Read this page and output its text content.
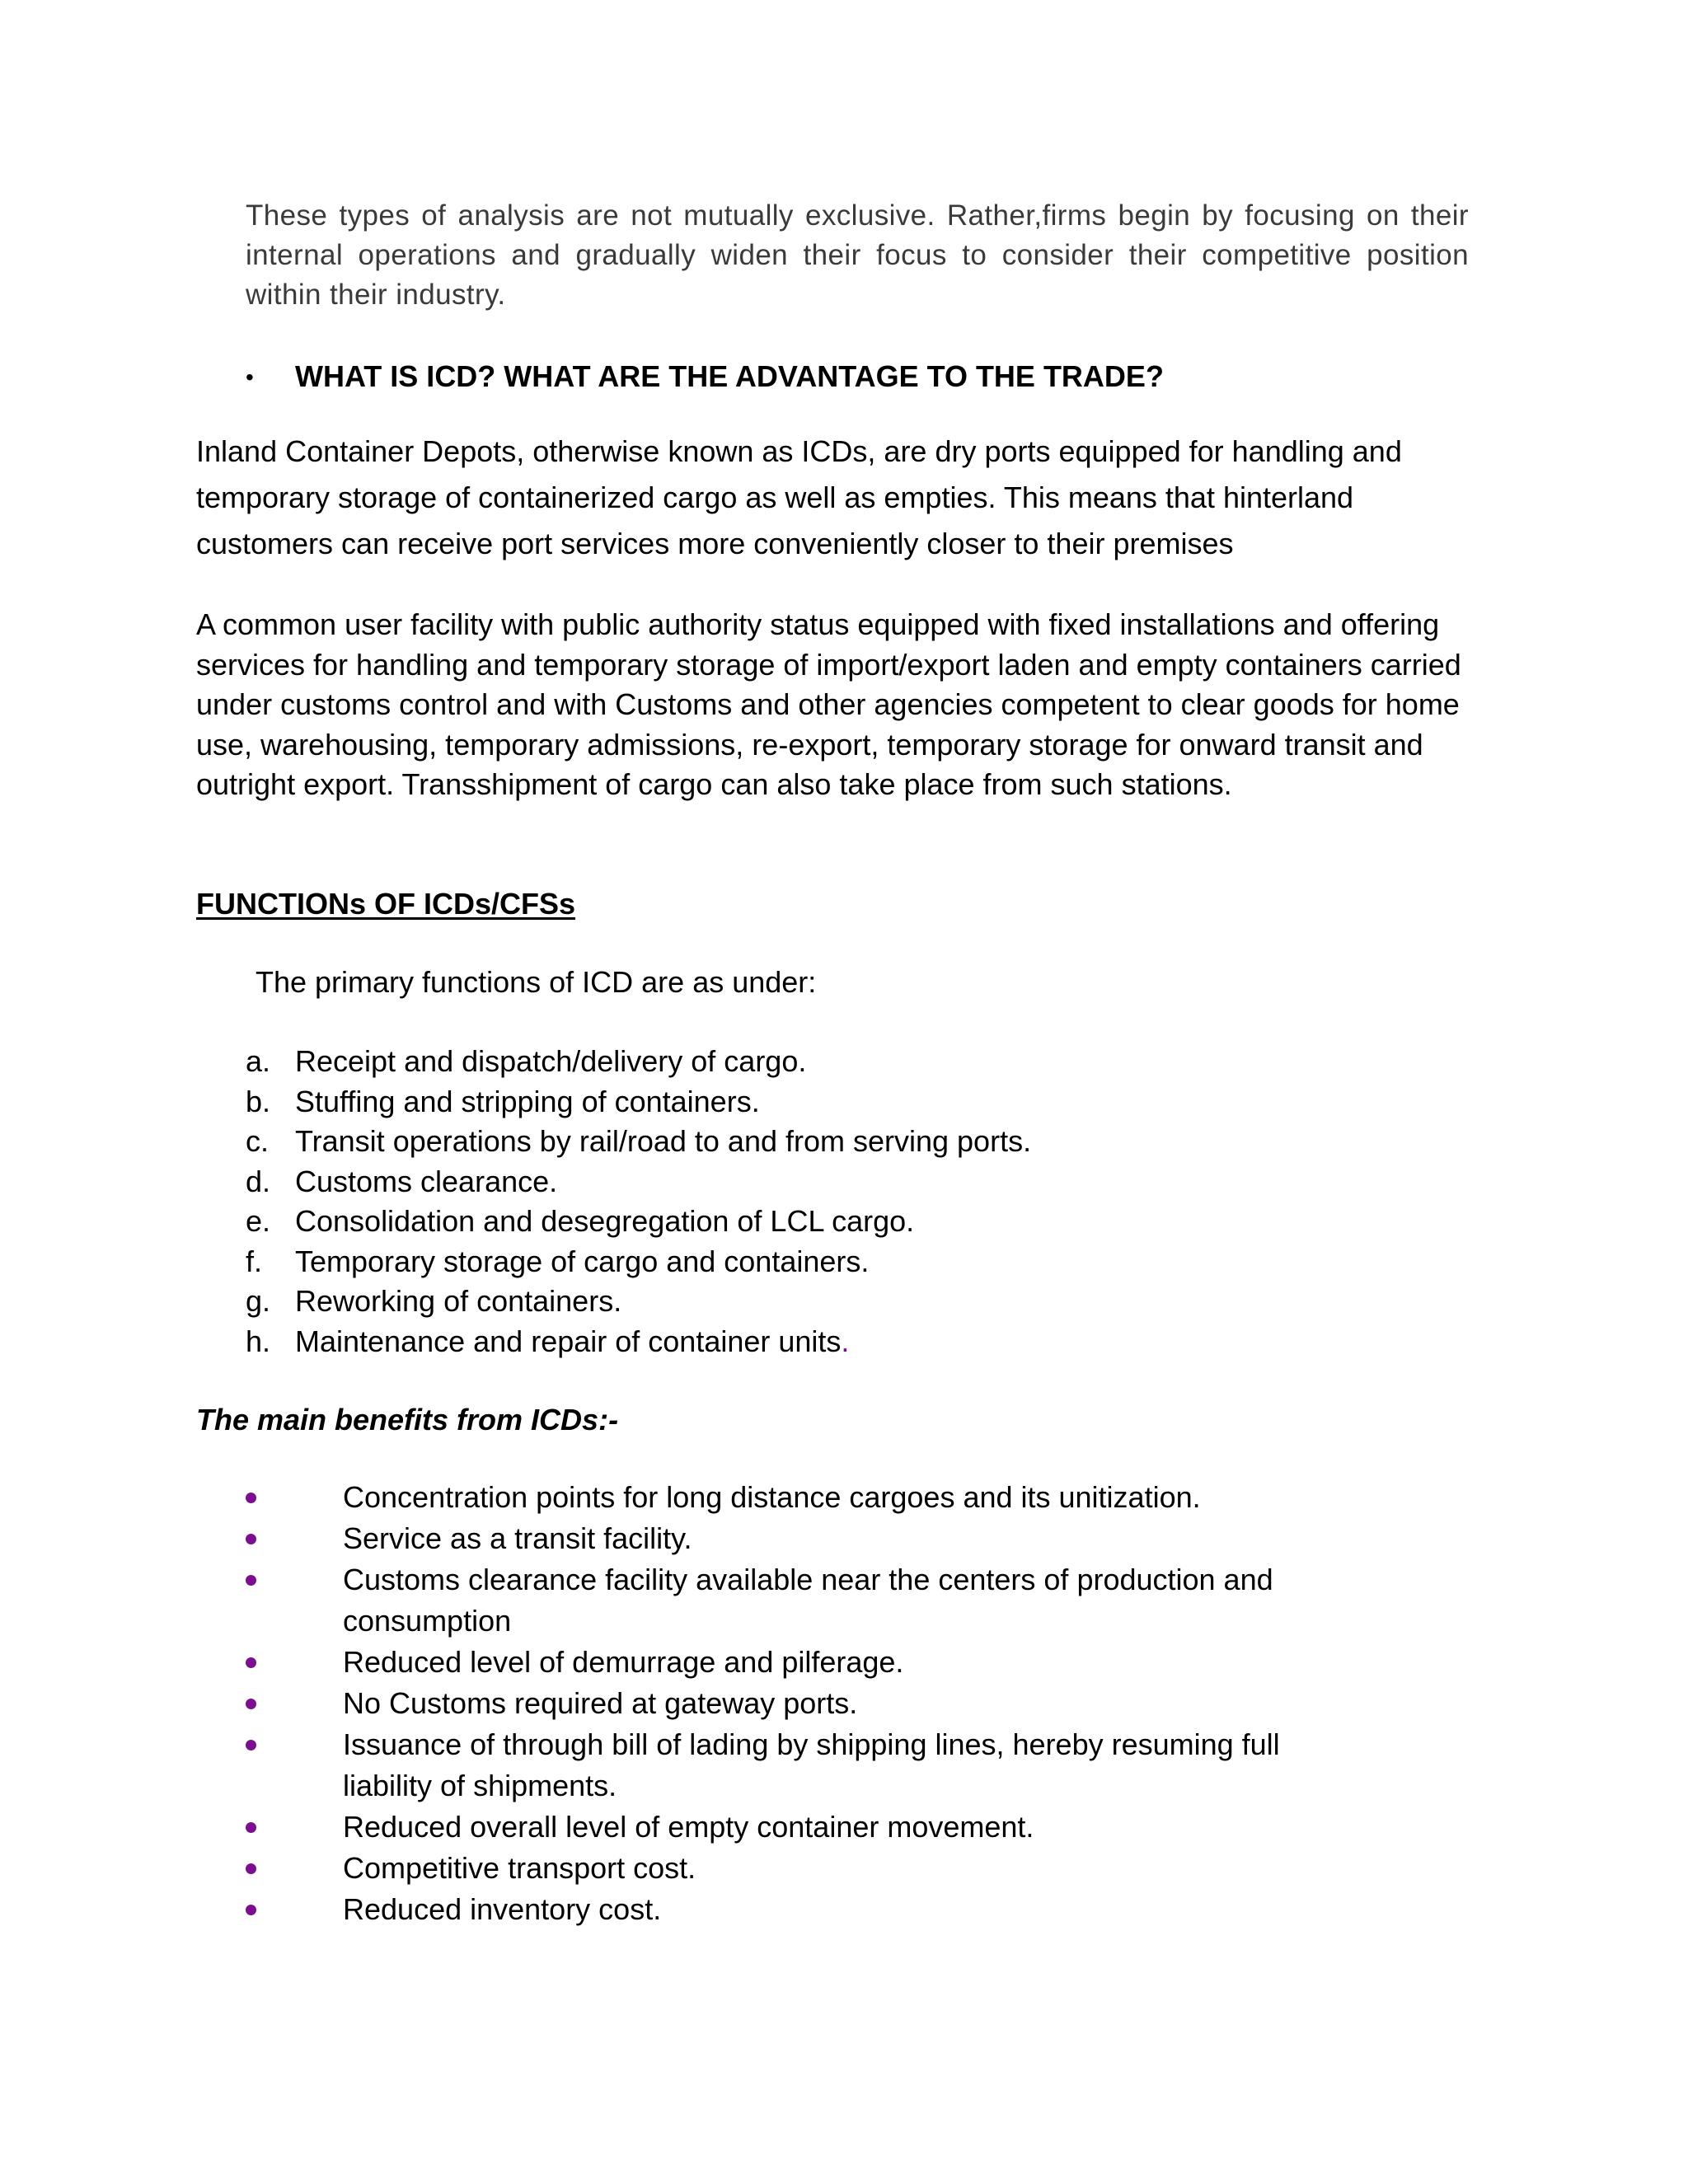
These types of analysis are not mutually exclusive. Rather,firms begin by focusing on their internal operations and gradually widen their focus to consider their competitive position within their industry.

• WHAT IS ICD? WHAT ARE THE ADVANTAGE TO THE TRADE?

Inland Container Depots, otherwise known as ICDs, are dry ports equipped for handling and temporary storage of containerized cargo as well as empties. This means that hinterland customers can receive port services more conveniently closer to their premises

A common user facility with public authority status equipped with fixed installations and offering services for handling and temporary storage of import/export laden and empty containers carried under customs control and with Customs and other agencies competent to clear goods for home use, warehousing, temporary admissions, re-export, temporary storage for onward transit and outright export. Transshipment of cargo can also take place from such stations.

FUNCTIONs OF ICDs/CFSs
The primary functions of ICD are as under:
a. Receipt and dispatch/delivery of cargo.
b. Stuffing and stripping of containers.
c. Transit operations by rail/road to and from serving ports.
d. Customs clearance.
e. Consolidation and desegregation of LCL cargo.
f. Temporary storage of cargo and containers.
g. Reworking of containers.
h. Maintenance and repair of container units.
The main benefits from ICDs:-
Concentration points for long distance cargoes and its unitization.
Service as a transit facility.
Customs clearance facility available near the centers of production and consumption
Reduced level of demurrage and pilferage.
No Customs required at gateway ports.
Issuance of through bill of lading by shipping lines, hereby resuming full liability of shipments.
Reduced overall level of empty container movement.
Competitive transport cost.
Reduced inventory cost.
